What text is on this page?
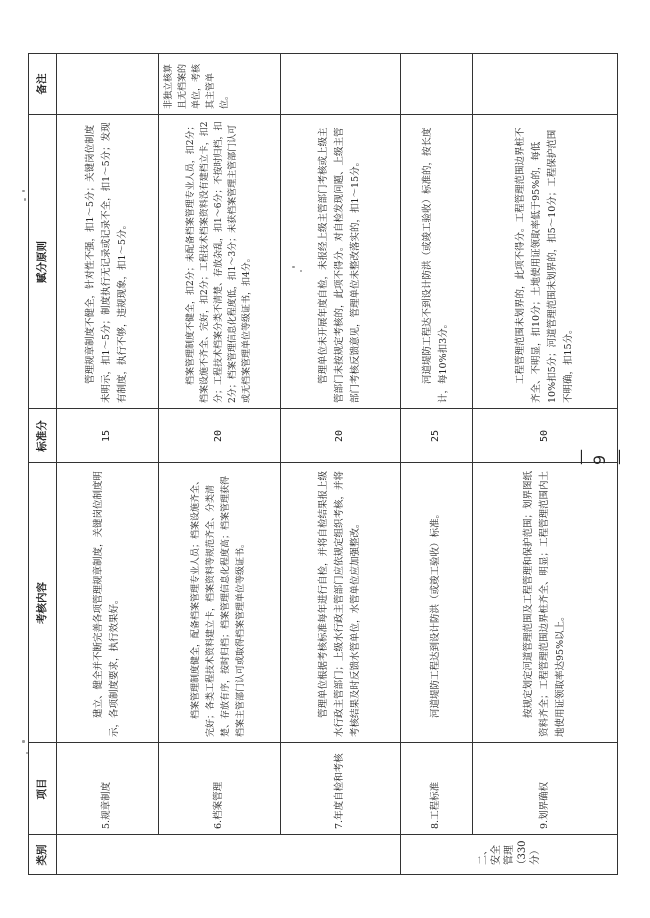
类别
项目
考核内容
标准分
赋分原则
备注
二、安全管理（330分）
5.规章制度
建立、健全并不断完善各项管理规章制度，关键岗位制度明示，各项制度要求，执行效果好。
15
管理规章制度不健全，针对性不强，扣1～5分；关键岗位制度未明示，扣1～5分；制度执行无记录或记录不全，扣1～5分；发现有制度，执行不够，违规现象，扣1～5分。
6.档案管理
档案管理制度健全，配备档案管理专业人员；档案设施齐全、完好；各类工程技术资料建立卡，档案资料等规范齐全、分类清楚、存放有序，按时归档；档案管理信息化程度高；档案管理获得档案主管部门认可或取得档案管理单位等级证书。
20
档案管理制度不健全，扣2分；未配备档案管理专业人员，扣2分；档案设施不齐全、完好，扣2分；工程技术档案资料没有建档立卡，扣2分；工程技术档案分类不清楚、存放杂乱，扣1～6分；不按时归档，扣2分；档案管理信息化程度低，扣1～3分；未获档案管理主管部门认可或无档案管理单位等级证书，扣4分。
非独立核算且无档案的单位，考核其主管单位。
7.年度自检和考核
管理单位根据考核标准每年进行自检，并将自检结果报上级水行政主管部门；上级水行政主管部门应依规定组织考核，并将考核结果及时反馈水管单位，水管单位应加强整改。
20
管理单位未开展年度自检，未报经上级主管部门考核或上级主管部门未按规定考核的，此项不得分。对自检发现问题、上级主管部门考核反馈意见，管理单位未整改落实的，扣1～15分。
8.工程标准
河道堤防工程达到设计防洪（或竣工验收）标准。
25
河道堤防工程达不到设计防洪（或竣工验收）标准的，按长度计，每10%扣3分。
9.划界确权
按规定划定河道管理范围及工程管理和保护范围；划界图纸资料齐全；工程管理范围边界桩齐全、明显；工程管理范围内土地使用证领取率达95%以上。
50
工程管理范围未划界的，此项不得分。工程管理范围边界桩不齐全、不明显，扣10分；土地使用证领取率低于95%的，每低10%扣5分；河道管理范围未划界的，扣5～10分；工程保护范围不明确，扣15分。
— 9 —
